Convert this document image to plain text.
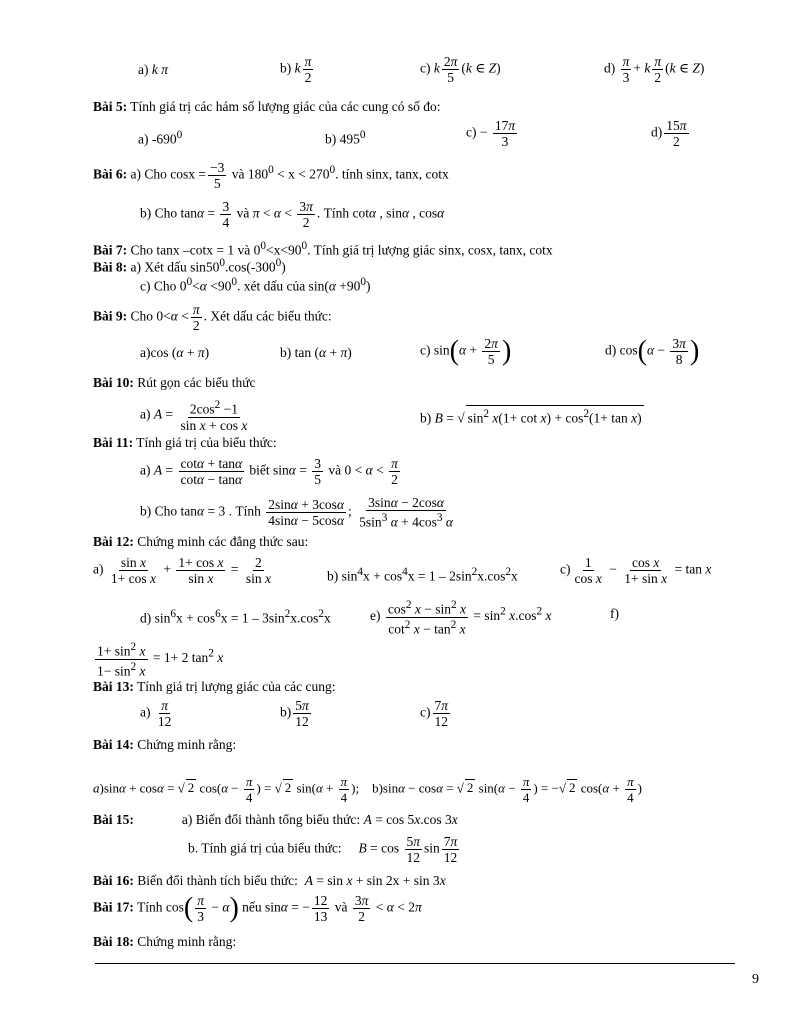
a) k π	b) k $\frac{\pi}{2}$	c) k $\frac{2\pi}{5} (k$ ∈ Z)	$d) \frac{\pi}{3} + k \frac{\pi}{2} (k$ ∈ Z)
Bài 5: Tính giá trị các hám số lượng giác của các cung có số đo:
a) $-690^0$	b) $495^0$	$c) - \frac{17\pi}{3}$	$d) \frac{15\pi}{2}$
Bài 6: a) Cho $\cos x = \frac{-3}{5}$ và $180^0 < x < 270^0$. tính sinx, tanx, cotx
b) Cho $\tan\alpha = \frac{3}{4}$ và $\pi < \alpha < \frac{3\pi}{2}$ . Tính cotα , sinα , cosα
Bài 7: Cho tanx –cotx = 1 và $0^0<x<90^0$. Tính giá trị lượng giác sinx, cosx, tanx, cotx
Bài 8: a) Xét dấu $\sin 50^0.\cos(-300^0)$
c) Cho $0^0<\alpha <90^0$. xét dấu của $\sin(\alpha +90^0)$
Bài 9: Cho $0<\alpha < \frac{\pi}{2}$ . Xét dấu các biểu thức:
a)cos (α + π)	b) tan (α + π)	c) $\sin(\alpha + \frac{2\pi}{5}$ )	d) $\cos(\alpha - \frac{3\pi}{8}$ )
Bài 10: Rút gọn các biểu thức
a) $A = \frac{2\cos^2 -1}{\text{sin x + cos x}}$	b) B = √ $\sin^2 x(1+ \cot x) + \cos^2(1+ \tan x)$
Bài 11: Tính giá trị của biểu thức:
a) $A = \frac{\cot\alpha + \tan\alpha}{\cot\alpha - \tan\alpha}$ biết $\sin\alpha = \frac{3}{5}$ và $0 < \alpha < \frac{\pi}{2}$
b) Cho tanα = 3 . Tính $\frac{2\sin\alpha + 3\cos\alpha}{4\sin\alpha - 5\cos\alpha}$ ; $\frac{3\sin\alpha - 2\cos\alpha}{5\sin^3 \alpha + 4\cos^3 \alpha}$
Bài 12: Chứng minh các đẳng thức sau:
$a) \frac{\text{sin x}}{\text{1+ cos x}} + \frac{\text{1+ cos x}}{\text{sin x}} = \frac{2}{\text{sin x}}$	b) $\sin^4x + \cos^4x = 1 - 2\sin^2x.\cos^2x$	$c) \frac{1}{\text{cos x}} - \frac{\text{cos x}}{\text{1+ sin x}} = \tan x$
d) $\sin^6x + \cos^6x = 1 - 3\sin^2x.\cos^2x$	$e) \frac{\cos^2 x - \sin^2 x}{\cot^2 x - \tan^2 x} = \sin^2 x.\cos^2$ x	f)
$\frac{1+ \sin^2 x}{1- \sin^2 x} = 1+ 2$ $\tan^2 x$
Bài 13: Tính giá trị lượng giác của các cung:
$a) \frac{\pi}{12}$	$b) \frac{5\pi}{12}$	$c) \frac{7\pi}{12}$
Bài 14: Chứng minh rằng:
a)sinα + cosα = √ 2 $\cos(\alpha - \frac{\pi}{4}$ ) = √ 2 $\sin(\alpha + \frac{\pi}{4}$ );    b)sinα − cosα = √ 2 $\sin(\alpha - \frac{\pi}{4}$ ) = −√ 2 $\cos(\alpha + \frac{\pi}{4}$ )
Bài 15:	a) Biến đổi thành tổng biểu thức: A = cos 5x.cos 3x
b. Tính giá trị của biểu thức: $B = \cos \frac{5\pi}{12}$ $\sin \frac{7\pi}{12}$
Bài 16: Biến đổi thành tích biểu thức: A = sin x + sin 2x + sin 3x
Bài 17: Tính $\cos( \frac{\pi}{3} - \alpha)$ nếu sinα = − $\frac{12}{13}$ và $\frac{3\pi}{2} < \alpha < 2\pi$
Bài 18: Chứng minh rằng:
9
